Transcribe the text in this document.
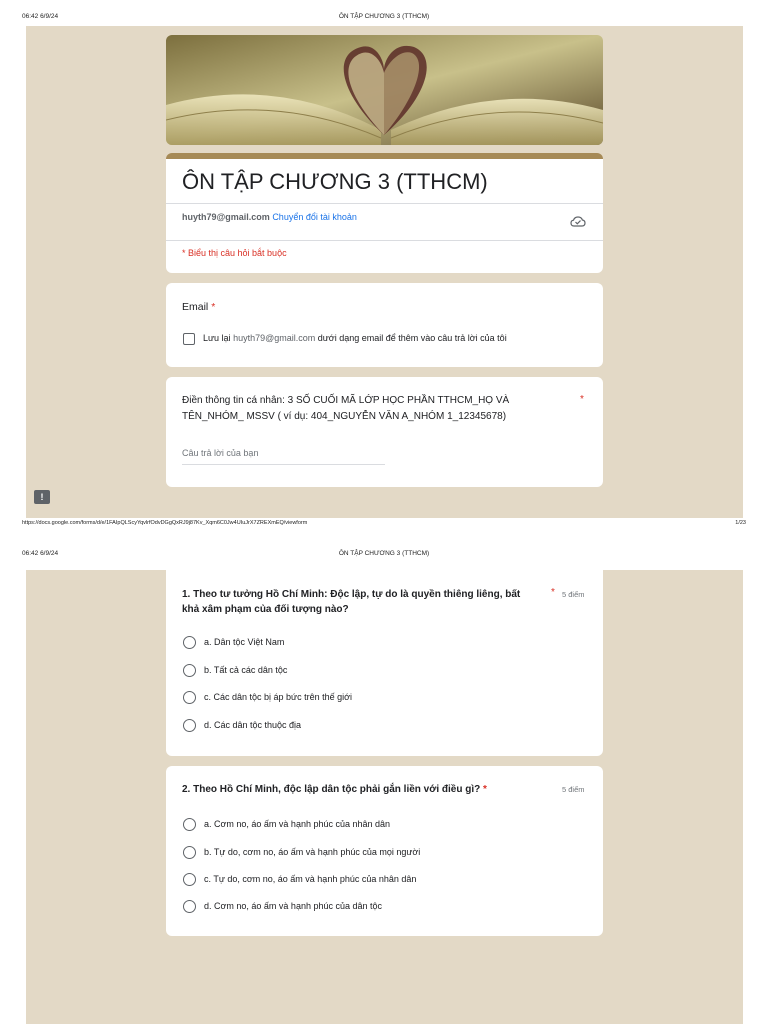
06:42 6/9/24	ÔN TẬP CHƯƠNG 3 (TTHCM)
ÔN TẬP CHƯƠNG 3 (TTHCM)
huyth79@gmail.com Chuyển đổi tài khoản
* Biểu thị câu hỏi bắt buộc
Email *
Lưu lại huyth79@gmail.com dưới dạng email để thêm vào câu trả lời của tôi
Điền thông tin cá nhân: 3 SỐ CUỐI MÃ LỚP HỌC PHẦN TTHCM_HỌ VÀ
TÊN_NHÓM_ MSSV ( ví dụ: 404_NGUYỄN VĂN A_NHÓM 1_12345678)
*
Câu trả lời của bạn
!
https://docs.google.com/forms/d/e/1FAIpQLScyYqvlrfOdvDGgQxRJ9j87Kv_Xqm6C0Jw4UIuJrX7ZREXmEQ/viewform	1/23
06:42 6/9/24	ÔN TẬP CHƯƠNG 3 (TTHCM)
1. Theo tư tưởng Hồ Chí Minh: Độc lập, tự do là quyền thiêng liêng, bất
khả xâm phạm của đối tượng nào?
* 5 điểm
a. Dân tộc Việt Nam
b. Tất cả các dân tộc
c. Các dân tộc bị áp bức trên thế giới
d. Các dân tộc thuộc địa
2. Theo Hồ Chí Minh, độc lập dân tộc phải gắn liền với điều gì? *	5 điểm
a. Cơm no, áo ấm và hạnh phúc của nhân dân
b. Tự do, cơm no, áo ấm và hạnh phúc của mọi người
c. Tự do, cơm no, áo ấm và hạnh phúc của nhân dân
d. Cơm no, áo ấm và hạnh phúc của dân tộc
